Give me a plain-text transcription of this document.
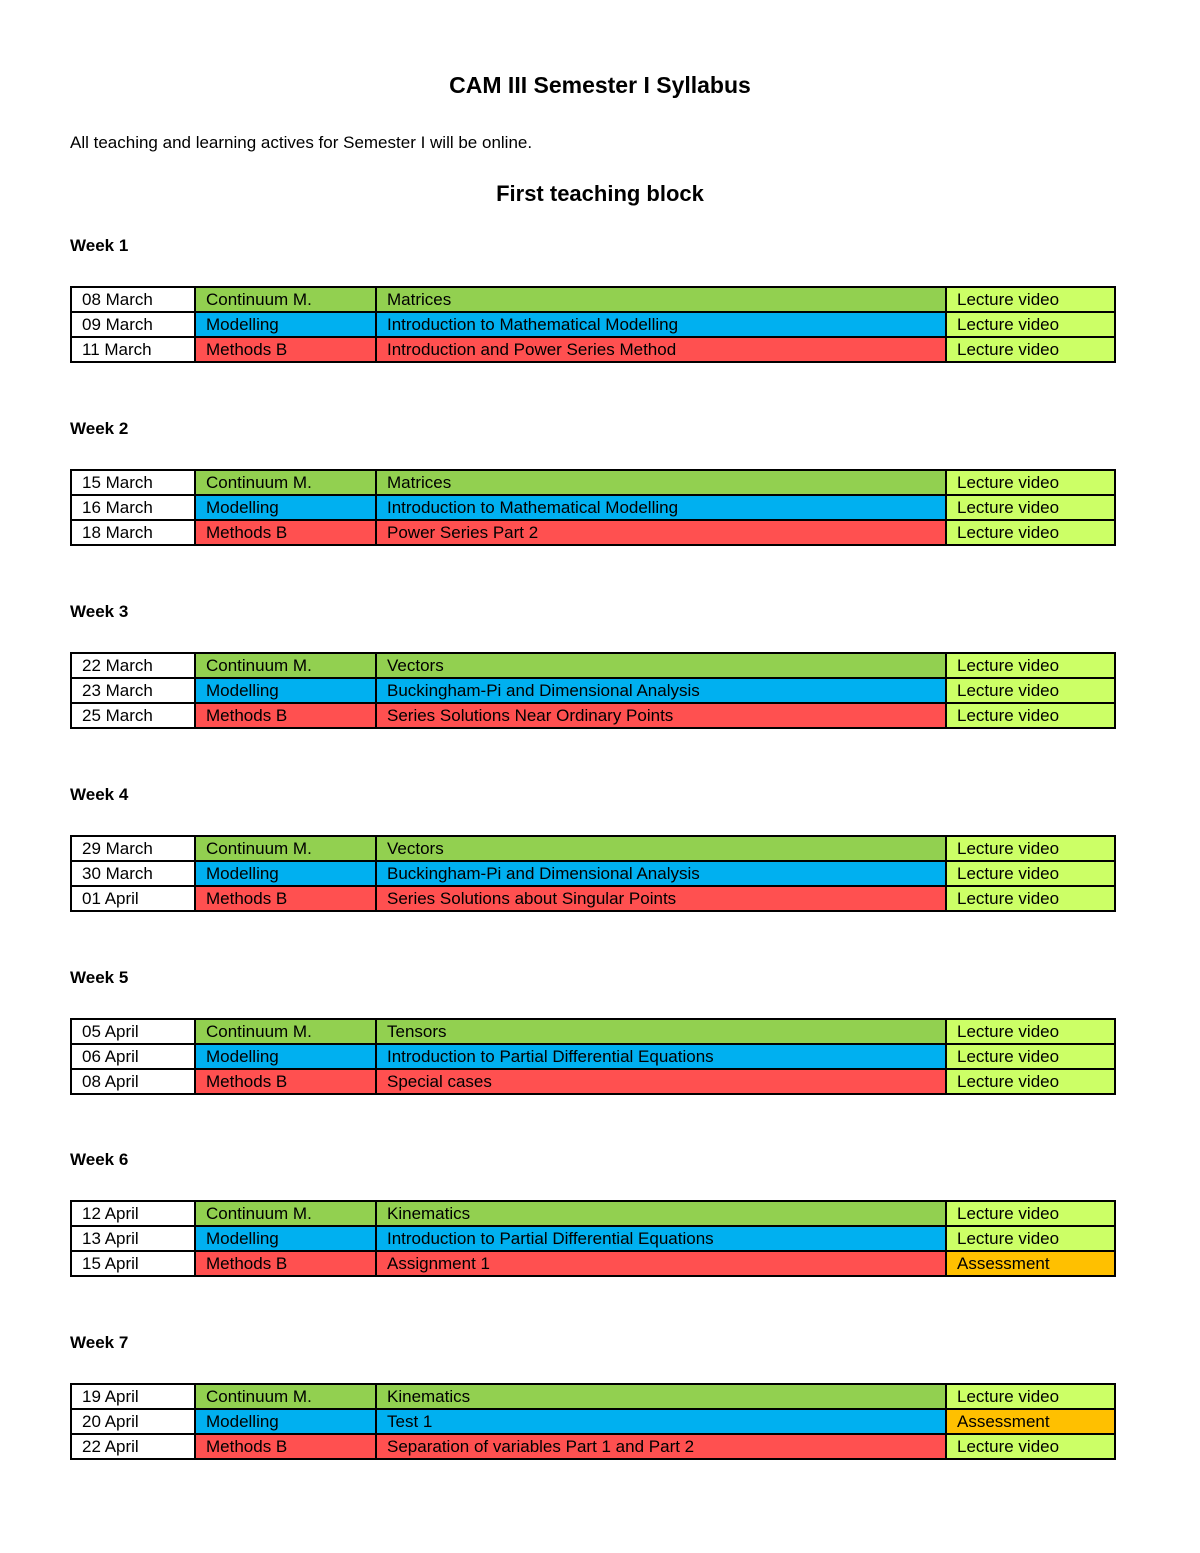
CAM III Semester I Syllabus

All teaching and learning actives for Semester I will be online.

First teaching block

Week 1

08 March	Continuum M.	Matrices	Lecture video
09 March	Modelling	Introduction to Mathematical Modelling	Lecture video
11 March	Methods B	Introduction and Power Series Method	Lecture video

Week 2

15 March	Continuum M.	Matrices	Lecture video
16 March	Modelling	Introduction to Mathematical Modelling	Lecture video
18 March	Methods B	Power Series Part 2	Lecture video

Week 3

22 March	Continuum M.	Vectors	Lecture video
23 March	Modelling	Buckingham-Pi and Dimensional Analysis	Lecture video
25 March	Methods B	Series Solutions Near Ordinary Points	Lecture video

Week 4

29 March	Continuum M.	Vectors	Lecture video
30 March	Modelling	Buckingham-Pi and Dimensional Analysis	Lecture video
01 April	Methods B	Series Solutions about Singular Points	Lecture video

Week 5

05 April	Continuum M.	Tensors	Lecture video
06 April	Modelling	Introduction to Partial Differential Equations	Lecture video
08 April	Methods B	Special cases	Lecture video

Week 6

12 April	Continuum M.	Kinematics	Lecture video
13 April	Modelling	Introduction to Partial Differential Equations	Lecture video
15 April	Methods B	Assignment 1	Assessment

Week 7

19 April	Continuum M.	Kinematics	Lecture video
20 April	Modelling	Test 1	Assessment
22 April	Methods B	Separation of variables Part 1 and Part 2	Lecture video
